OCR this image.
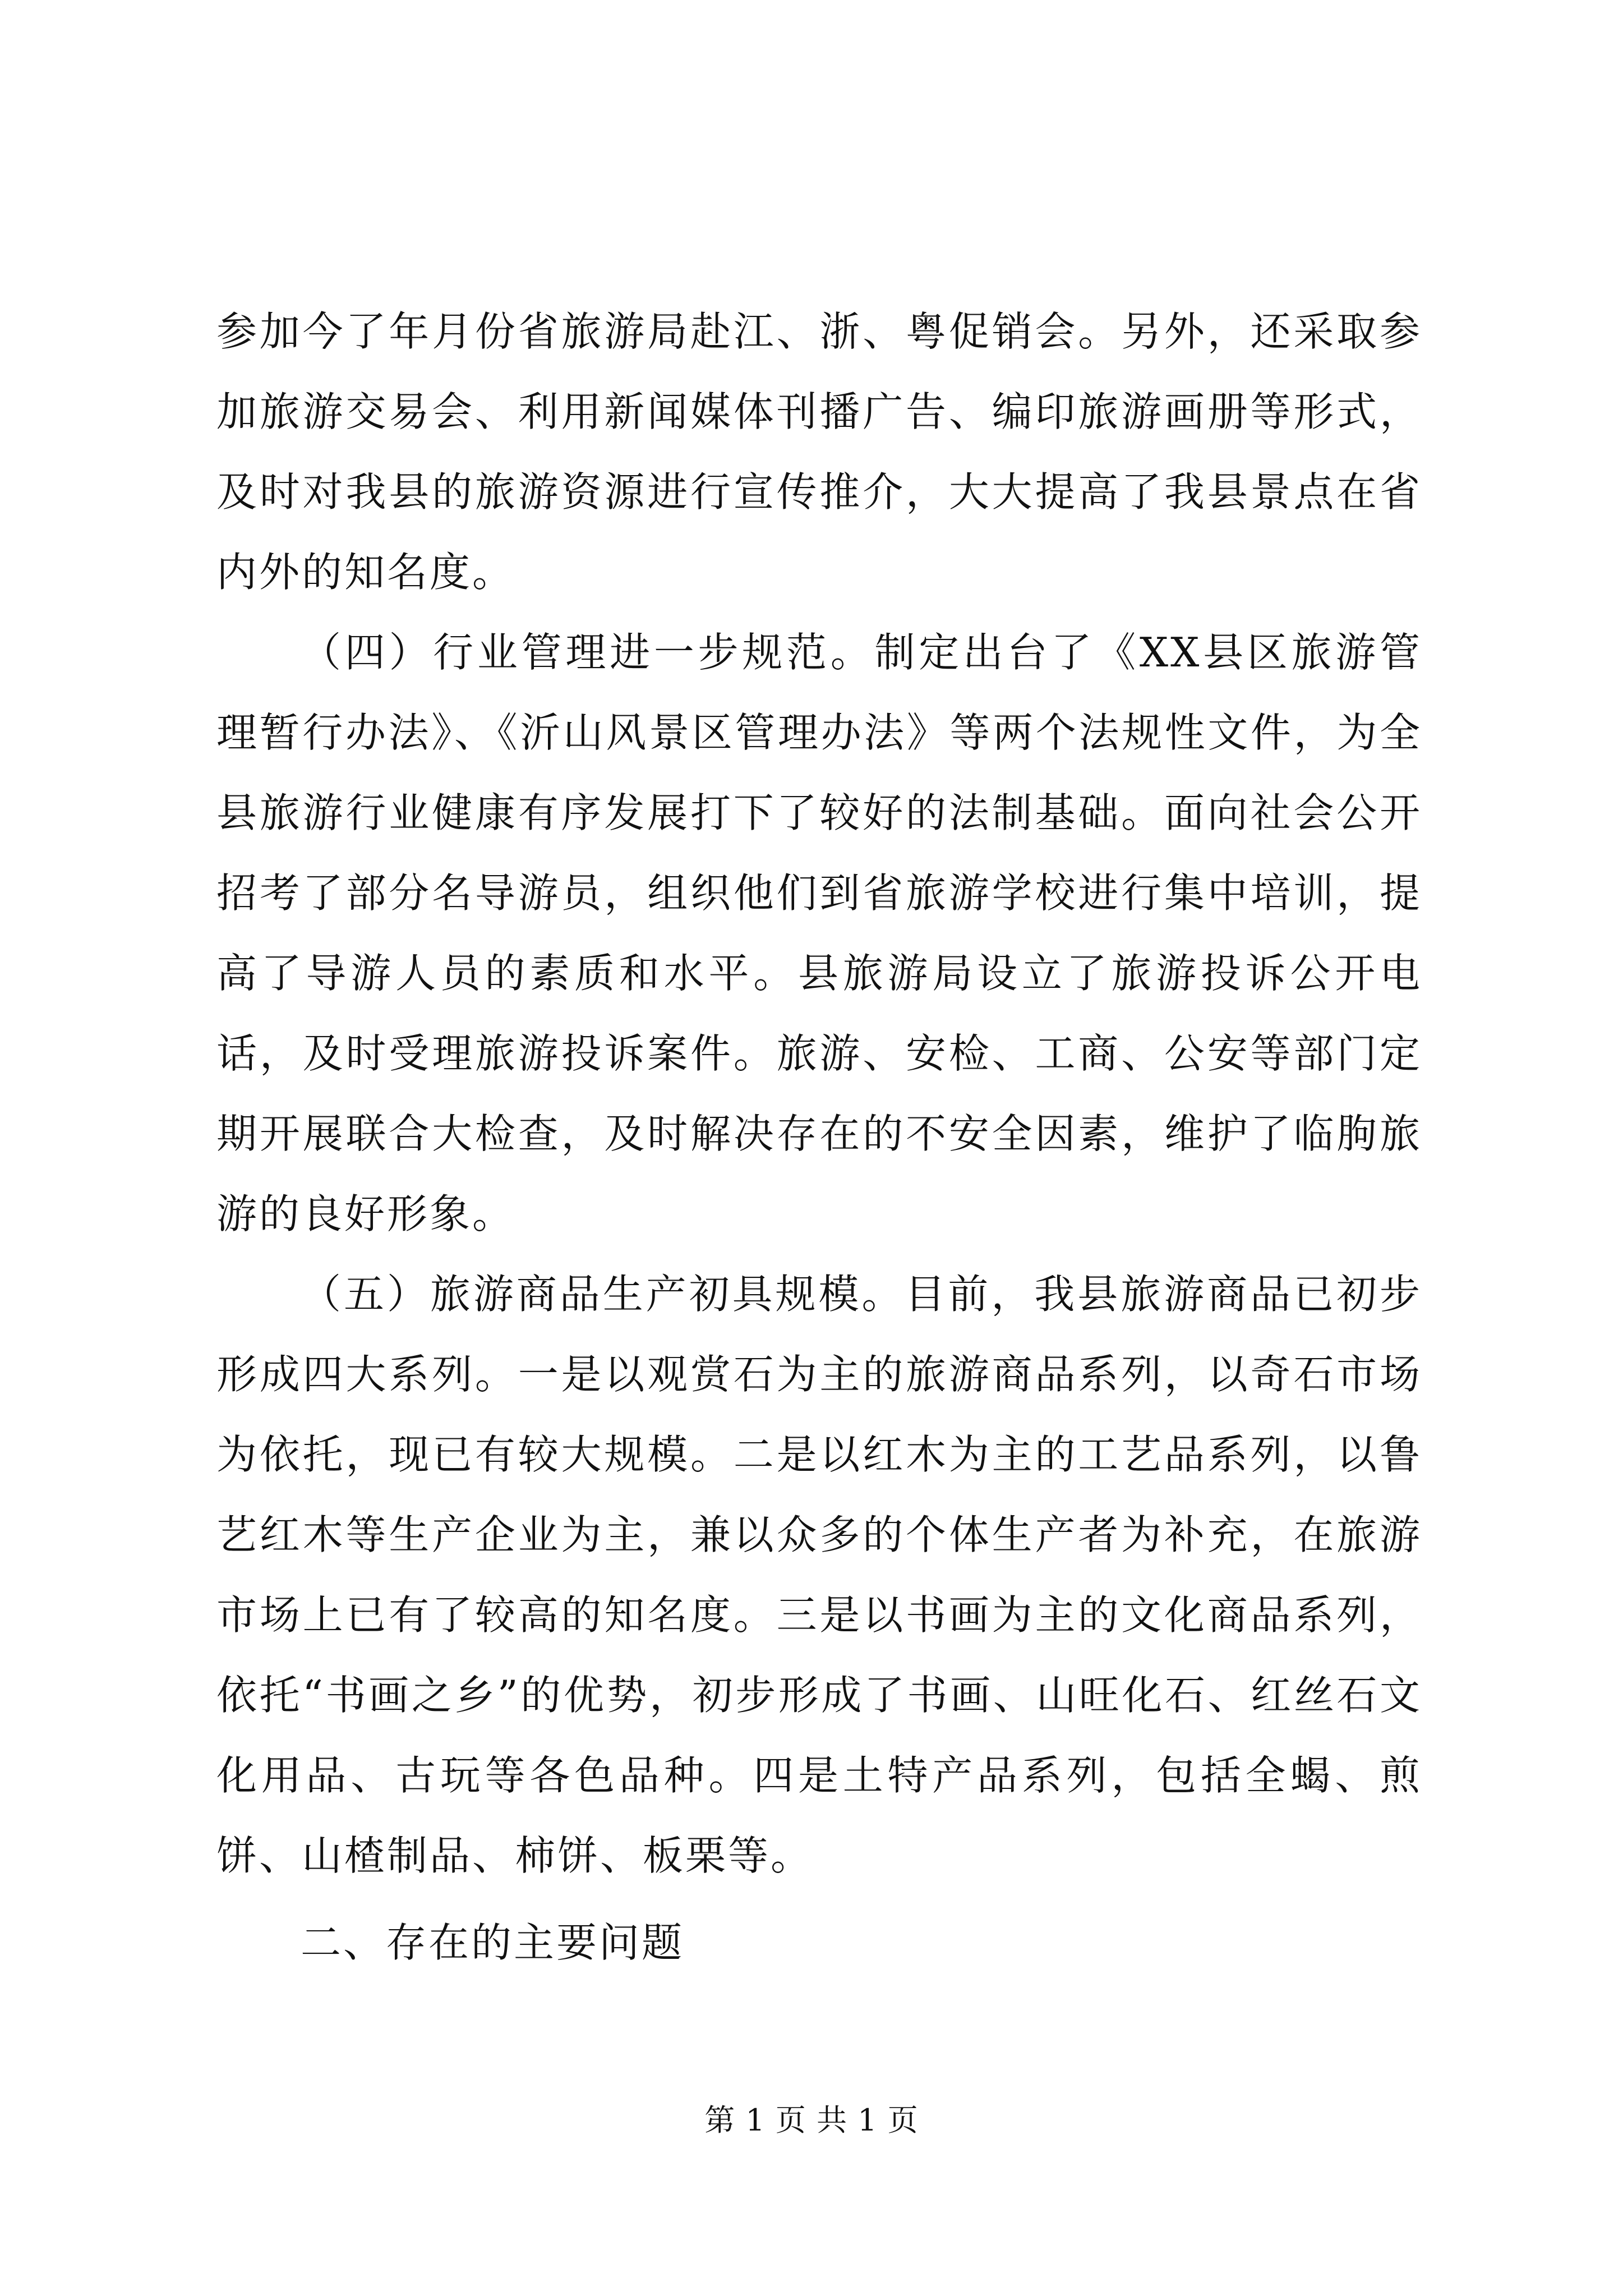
参加今了年月份省旅游局赴江、浙、粤促销会。另外，还采取参加旅游交易会、利用新闻媒体刊播广告、编印旅游画册等形式，及时对我县的旅游资源进行宣传推介，大大提高了我县景点在省内外的知名度。

（四）行业管理进一步规范。制定出台了《XX县区旅游管理暂行办法》、《沂山风景区管理办法》等两个法规性文件，为全县旅游行业健康有序发展打下了较好的法制基础。面向社会公开招考了部分名导游员，组织他们到省旅游学校进行集中培训，提高了导游人员的素质和水平。县旅游局设立了旅游投诉公开电话，及时受理旅游投诉案件。旅游、安检、工商、公安等部门定期开展联合大检查，及时解决存在的不安全因素，维护了临朐旅游的良好形象。

（五）旅游商品生产初具规模。目前，我县旅游商品已初步形成四大系列。一是以观赏石为主的旅游商品系列，以奇石市场为依托，现已有较大规模。二是以红木为主的工艺品系列，以鲁艺红木等生产企业为主，兼以众多的个体生产者为补充，在旅游市场上已有了较高的知名度。三是以书画为主的文化商品系列，依托“书画之乡”的优势，初步形成了书画、山旺化石、红丝石文化用品、古玩等各色品种。四是土特产品系列，包括全蝎、煎饼、山楂制品、柿饼、板栗等。

二、存在的主要问题

第 1 页 共 1 页
